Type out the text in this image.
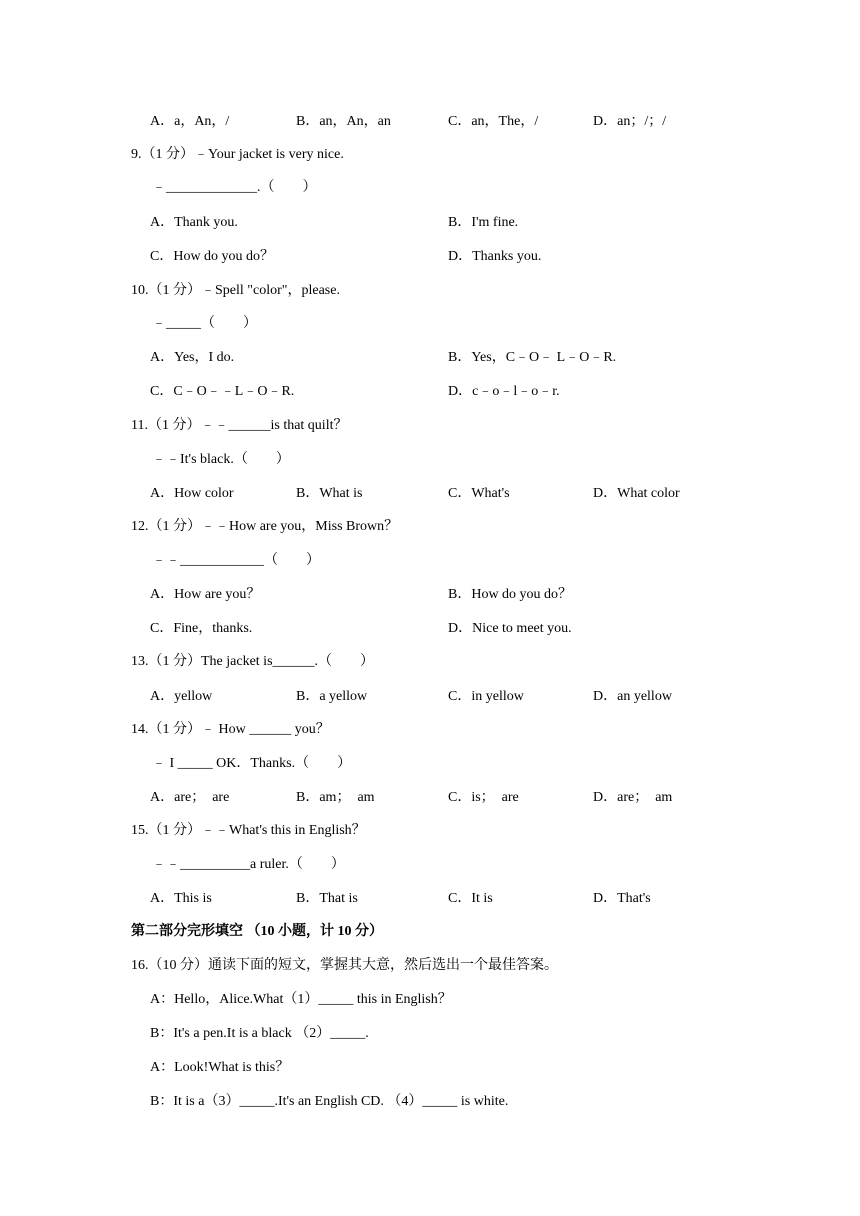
A．a，An，/	B．an，An，an	C．an，The，/	D．an；/；/
9.（1 分）﹣Your jacket is very nice.
﹣_____________.（　　）
A．Thank you.	B．I'm fine.
C．How do you do？	D．Thanks you.
10.（1 分）﹣Spell "color"，please.
﹣_____（　　）
A．Yes，I do.	B．Yes，C﹣O﹣ L﹣O﹣R.
C．C﹣O﹣﹣L﹣O﹣R.	D．c﹣o﹣l﹣o﹣r.
11.（1 分）﹣﹣______is that quilt？
﹣﹣It's black.（　　）
A．How color	B．What is	C．What's	D．What color
12.（1 分）﹣﹣How are you，Miss Brown？
﹣﹣____________（　　）
A．How are you？	B．How do you do？
C．Fine，thanks.	D．Nice to meet you.
13.（1 分）The jacket is______.（　　）
A．yellow	B．a yellow	C．in yellow	D．an yellow
14.（1 分）﹣ How ______ you？
﹣ I _____ OK．Thanks.（　　）
A．are；  are	B．am；  am	C．is；  are	D．are；  am
15.（1 分）﹣﹣What's this in English？
﹣﹣__________a ruler.（　　）
A．This is	B．That is	C．It is	D．That's
第二部分完形填空 （10 小题，计 10 分）
16.（10 分）通读下面的短文，掌握其大意，然后选出一个最佳答案。
A：Hello，Alice.What（1）_____ this in English？
B：It's a pen.It is a black （2）_____.
A：Look!What is this？
B：It is a（3）_____.It's an English CD. （4）_____ is white.
